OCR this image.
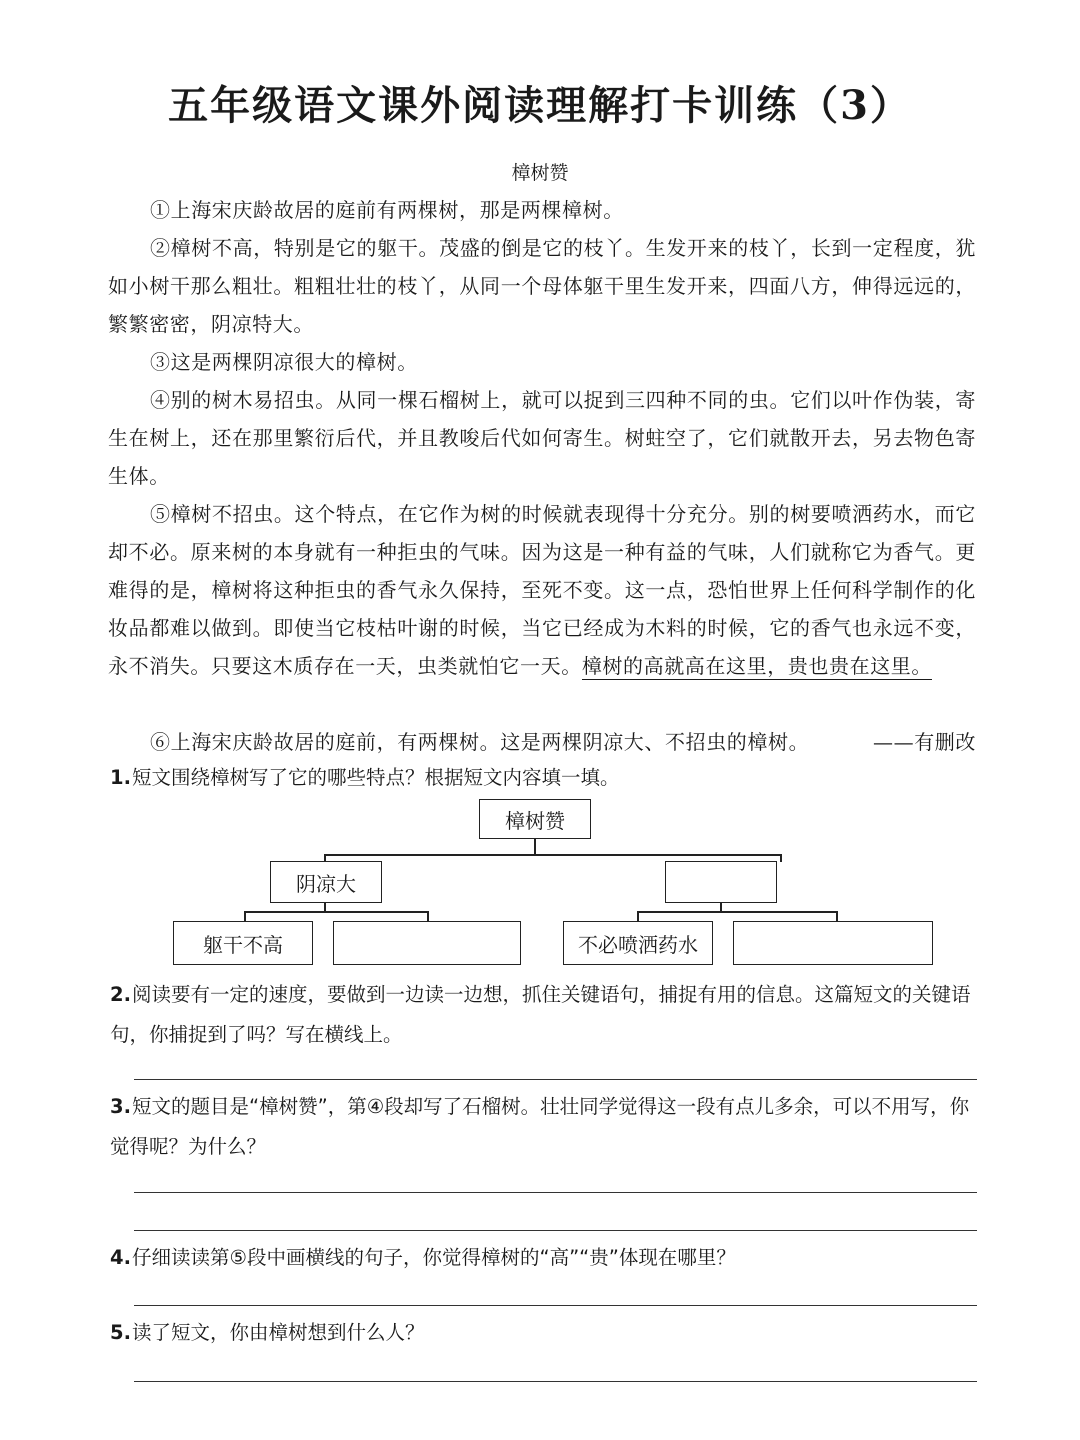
五年级语文课外阅读理解打卡训练（3）
樟树赞
①上海宋庆龄故居的庭前有两棵树，那是两棵樟树。
②樟树不高，特别是它的躯干。茂盛的倒是它的枝丫。生发开来的枝丫，长到一定程度，犹如小树干那么粗壮。粗粗壮壮的枝丫，从同一个母体躯干里生发开来，四面八方，伸得远远的，繁繁密密，阴凉特大。
③这是两棵阴凉很大的樟树。
④别的树木易招虫。从同一棵石榴树上，就可以捉到三四种不同的虫。它们以叶作伪装，寄生在树上，还在那里繁衍后代，并且教唆后代如何寄生。树蛀空了，它们就散开去，另去物色寄生体。
⑤樟树不招虫。这个特点，在它作为树的时候就表现得十分充分。别的树要喷洒药水，而它却不必。原来树的本身就有一种拒虫的气味。因为这是一种有益的气味，人们就称它为香气。更难得的是，樟树将这种拒虫的香气永久保持，至死不变。这一点，恐怕世界上任何科学制作的化妆品都难以做到。即使当它枝枯叶谢的时候，当它已经成为木料的时候，它的香气也永远不变，永不消失。只要这木质存在一天，虫类就怕它一天。樟树的高就高在这里，贵也贵在这里。
⑥上海宋庆龄故居的庭前，有两棵树。这是两棵阴凉大、不招虫的樟树。	——有删改
1.短文围绕樟树写了它的哪些特点？根据短文内容填一填。
樟树赞
阴凉大
躯干不高	不必喷洒药水
2.阅读要有一定的速度，要做到一边读一边想，抓住关键语句，捕捉有用的信息。这篇短文的关键语句，你捕捉到了吗？写在横线上。
3.短文的题目是“樟树赞”，第④段却写了石榴树。壮壮同学觉得这一段有点儿多余，可以不用写，你觉得呢？为什么？
4.仔细读读第⑤段中画横线的句子，你觉得樟树的“高”“贵”体现在哪里？
5.读了短文，你由樟树想到什么人？
